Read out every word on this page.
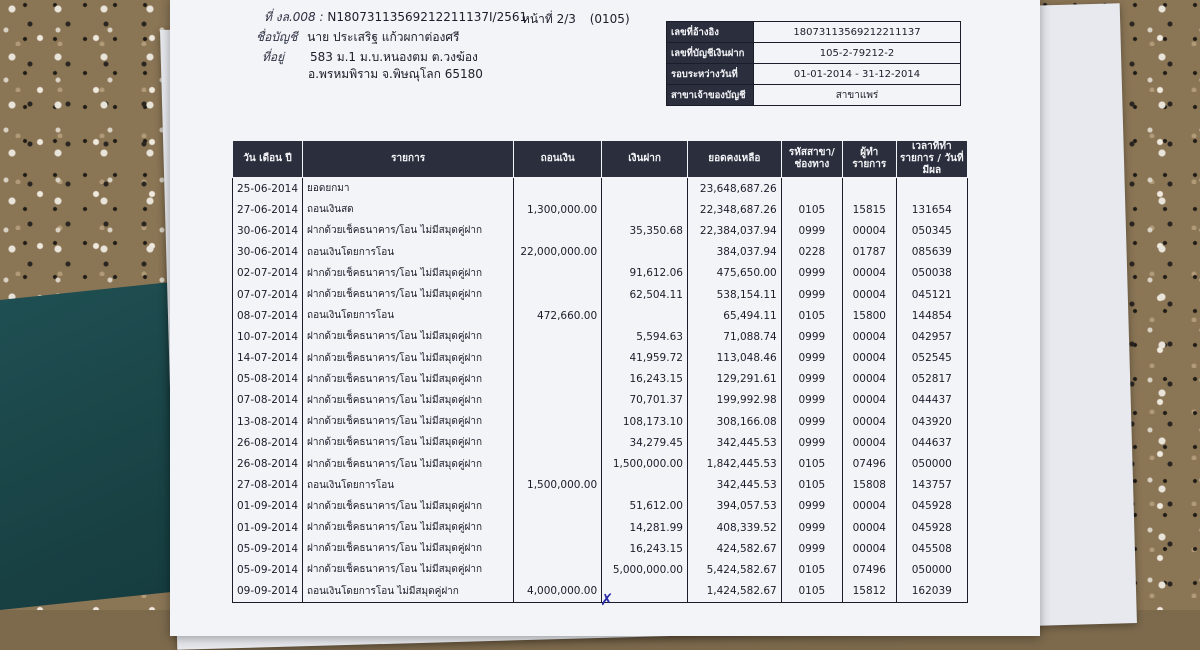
ที่ งล.008 : N18073113569212211137I/2561
หน้าที่ 2/3 (0105)
ชื่อบัญชี นาย ประเสริฐ แก้วผกาต่องศรี
ที่อยู่ 583 ม.1 ม.บ.หนองตม ต.วงฆ้อง
อ.พรหมพิราม จ.พิษณุโลก 65180
เลขที่อ้างอิง	18073113569212211137
เลขที่บัญชีเงินฝาก	105-2-79212-2
รอบระหว่างวันที่	01-01-2014 - 31-12-2014
สาขาเจ้าของบัญชี	สาขาแพร่
วัน เดือน ปี	รายการ	ถอนเงิน	เงินฝาก	ยอดคงเหลือ	รหัสสาขา/ช่องทาง	ผู้ทำรายการ	เวลาที่ทำรายการ / วันที่มีผล
25-06-2014	ยอดยกมา			23,648,687.26			
27-06-2014	ถอนเงินสด	1,300,000.00		22,348,687.26	0105	15815	131654
30-06-2014	ฝากด้วยเช็คธนาคาร/โอน ไม่มีสมุดคู่ฝาก		35,350.68	22,384,037.94	0999	00004	050345
30-06-2014	ถอนเงินโดยการโอน	22,000,000.00		384,037.94	0228	01787	085639
02-07-2014	ฝากด้วยเช็คธนาคาร/โอน ไม่มีสมุดคู่ฝาก		91,612.06	475,650.00	0999	00004	050038
07-07-2014	ฝากด้วยเช็คธนาคาร/โอน ไม่มีสมุดคู่ฝาก		62,504.11	538,154.11	0999	00004	045121
08-07-2014	ถอนเงินโดยการโอน	472,660.00		65,494.11	0105	15800	144854
10-07-2014	ฝากด้วยเช็คธนาคาร/โอน ไม่มีสมุดคู่ฝาก		5,594.63	71,088.74	0999	00004	042957
14-07-2014	ฝากด้วยเช็คธนาคาร/โอน ไม่มีสมุดคู่ฝาก		41,959.72	113,048.46	0999	00004	052545
05-08-2014	ฝากด้วยเช็คธนาคาร/โอน ไม่มีสมุดคู่ฝาก		16,243.15	129,291.61	0999	00004	052817
07-08-2014	ฝากด้วยเช็คธนาคาร/โอน ไม่มีสมุดคู่ฝาก		70,701.37	199,992.98	0999	00004	044437
13-08-2014	ฝากด้วยเช็คธนาคาร/โอน ไม่มีสมุดคู่ฝาก		108,173.10	308,166.08	0999	00004	043920
26-08-2014	ฝากด้วยเช็คธนาคาร/โอน ไม่มีสมุดคู่ฝาก		34,279.45	342,445.53	0999	00004	044637
26-08-2014	ฝากด้วยเช็คธนาคาร/โอน ไม่มีสมุดคู่ฝาก		1,500,000.00	1,842,445.53	0105	07496	050000
27-08-2014	ถอนเงินโดยการโอน	1,500,000.00		342,445.53	0105	15808	143757
01-09-2014	ฝากด้วยเช็คธนาคาร/โอน ไม่มีสมุดคู่ฝาก		51,612.00	394,057.53	0999	00004	045928
01-09-2014	ฝากด้วยเช็คธนาคาร/โอน ไม่มีสมุดคู่ฝาก		14,281.99	408,339.52	0999	00004	045928
05-09-2014	ฝากด้วยเช็คธนาคาร/โอน ไม่มีสมุดคู่ฝาก		16,243.15	424,582.67	0999	00004	045508
05-09-2014	ฝากด้วยเช็คธนาคาร/โอน ไม่มีสมุดคู่ฝาก		5,000,000.00	5,424,582.67	0105	07496	050000
09-09-2014	ถอนเงินโดยการโอน ไม่มีสมุดคู่ฝาก	4,000,000.00		1,424,582.67	0105	15812	162039
✗
